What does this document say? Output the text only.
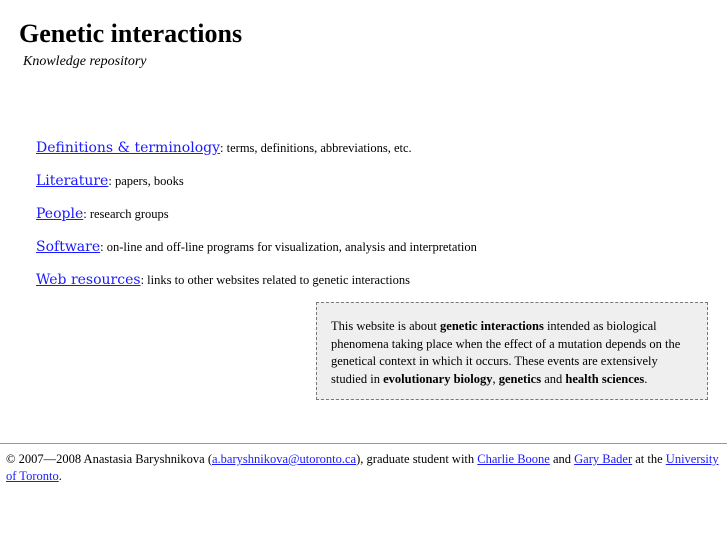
Genetic interactions
Knowledge repository
Definitions & terminology: terms, definitions, abbreviations, etc.
Literature: papers, books
People: research groups
Software: on-line and off-line programs for visualization, analysis and interpretation
Web resources: links to other websites related to genetic interactions
This website is about genetic interactions intended as biological phenomena taking place when the effect of a mutation depends on the genetical context in which it occurs. These events are extensively studied in evolutionary biology, genetics and health sciences.
© 2007—2008 Anastasia Baryshnikova (a.baryshnikova@utoronto.ca), graduate student with Charlie Boone and Gary Bader at the University of Toronto.
